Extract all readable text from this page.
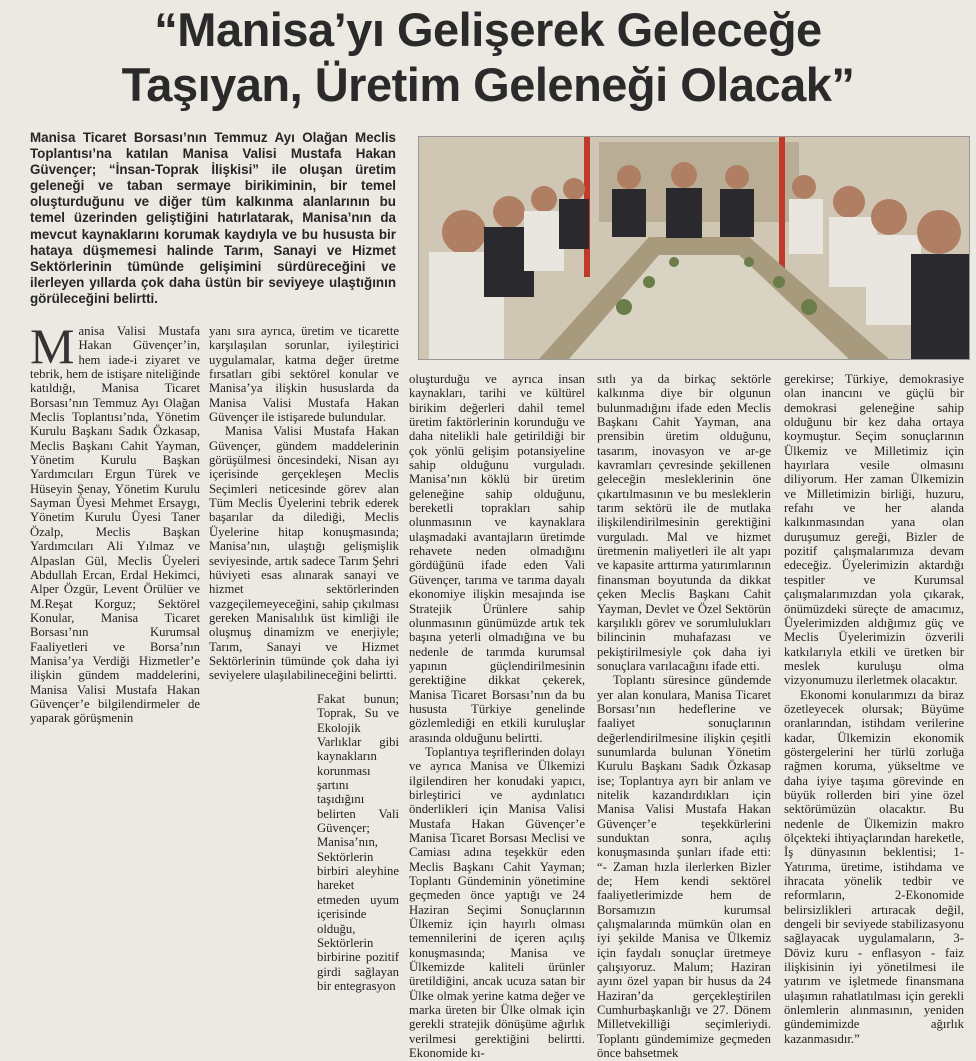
“Manisa’yı Gelişerek Geleceğe
Taşıyan, Üretim Geleneği Olacak”
Manisa Ticaret Borsası’nın Temmuz Ayı Olağan Meclis Toplantısı’na katılan Manisa Valisi Mustafa Hakan Güvençer; “İnsan-Toprak İlişkisi” ile oluşan üretim geleneği ve taban sermaye birikiminin, bir temel oluşturduğunu ve diğer tüm kalkınma alanlarının bu temel üzerinden geliştiğini hatırlatarak, Manisa’nın da mevcut kaynaklarını korumak kaydıyla ve bu hususta bir hataya düşmemesi halinde Tarım, Sanayi ve Hizmet Sektörlerinin tümünde gelişimini sürdüreceğini ve ilerleyen yıllarda çok daha üstün bir seviyeye ulaştığının görüleceğini belirtti.

Manisa Valisi Mustafa Hakan Güvençer’in, hem iade-i ziyaret ve tebrik, hem de istişare niteliğinde katıldığı, Manisa Ticaret Borsası’nın Temmuz Ayı Olağan Meclis Toplantısı’nda, Yönetim Kurulu Başkanı Sadık Özkasap, Meclis Başkanı Cahit Yayman, Yönetim Kurulu Başkan Yardımcıları Ergun Türek ve Hüseyin Şenay, Yönetim Kurulu Sayman Üyesi Mehmet Ersaygı, Yönetim Kurulu Üyesi Taner Özalp, Meclis Başkan Yardımcıları Ali Yılmaz ve Alpaslan Gül, Meclis Üyeleri Abdullah Ercan, Erdal Hekimci, Alper Özgür, Levent Örülüer ve M.Reşat Korguz; Sektörel Konular, Manisa Ticaret Borsası’nın Kurumsal Faaliyetleri ve Borsa’nın Manisa’ya Verdiği Hizmetler’e ilişkin gündem maddelerini, Manisa Valisi Mustafa Hakan Güvençer’e bilgilendirmeler de yaparak görüşmenin

yanı sıra ayrıca, üretim ve ticarette karşılaşılan sorunlar, iyileştirici uygulamalar, katma değer üretme fırsatları gibi sektörel konular ve Manisa’ya ilişkin hususlarda da Manisa Valisi Mustafa Hakan Güvençer ile istişarede bulundular.

Manisa Valisi Mustafa Hakan Güvençer, gündem maddelerinin görüşülmesi öncesindeki, Nisan ayı içerisinde gerçekleşen Meclis Seçimleri neticesinde görev alan Tüm Meclis Üyelerini tebrik ederek başarılar da dilediği, Meclis Üyelerine hitap konuşmasında; Manisa’nın, ulaştığı gelişmişlik seviyesinde, artık sadece Tarım Şehri hüviyeti esas alınarak sanayi ve hizmet sektörlerinden vazgeçilemeyeceğini, sahip çıkılması gereken Manisalılık üst kimliği ile oluşmuş dinamizm ve enerjiyle; Tarım, Sanayi ve Hizmet Sektörlerinin tümünde çok daha iyi seviyelere ulaşılabilineceğini belirtti.

Fakat bunun; Toprak, Su ve Ekolojik Varlıklar gibi kaynakların korunması şartını taşıdığını belirten Vali Güvençer; Manisa’nın, Sektörlerin birbiri aleyhine hareket etmeden uyum içerisinde olduğu, Sektörlerin birbirine pozitif girdi sağlayan bir entegrasyon

oluşturduğu ve ayrıca insan kaynakları, tarihi ve kültürel birikim değerleri dahil temel üretim faktörlerinin korunduğu ve daha nitelikli hale getirildiği bir çok yönlü gelişim potansiyeline sahip olduğunu vurguladı. Manisa’nın köklü bir üretim geleneğine sahip olduğunu, bereketli toprakları sahip olunmasının ve kaynaklara ulaşmadaki avantajların üretimde rehavete neden olmadığını gördüğünü ifade eden Vali Güvençer, tarıma ve tarıma dayalı ekonomiye ilişkin mesajında ise Stratejik Ürünlere sahip olunmasının günümüzde artık tek başına yeterli olmadığına ve bu nedenle de tarımda kurumsal yapının güçlendirilmesinin gerektiğine dikkat çekerek, Manisa Ticaret Borsası’nın da bu hususta Türkiye genelinde gözlemlediği en etkili kuruluşlar arasında olduğunu belirtti.

Toplantıya teşriflerinden dolayı ve ayrıca Manisa ve Ülkemizi ilgilendiren her konudaki yapıcı, birleştirici ve aydınlatıcı önderlikleri için Manisa Valisi Mustafa Hakan Güvençer’e Manisa Ticaret Borsası Meclisi ve Camiası adına teşekkür eden Meclis Başkanı Cahit Yayman; Toplantı Gündeminin yönetimine geçmeden önce yaptığı ve 24 Haziran Seçimi Sonuçlarının Ülkemiz için hayırlı olması temennilerini de içeren açılış konuşmasında; Manisa ve Ülkemizde kaliteli ürünler üretildiğini, ancak ucuza satan bir Ülke olmak yerine katma değer ve marka üreten bir Ülke olmak için gerekli stratejik dönüşüme ağırlık verilmesi gerektiğini belirtti. Ekonomide kı-

sıtlı ya da birkaç sektörle kalkınma diye bir olgunun bulunmadığını ifade eden Meclis Başkanı Cahit Yayman, ana prensibin üretim olduğunu, tasarım, inovasyon ve ar-ge kavramları çevresinde şekillenen geleceğin mesleklerinin öne çıkartılmasının ve bu mesleklerin tarım sektörü ile de mutlaka ilişkilendirilmesinin gerektiğini vurguladı. Mal ve hizmet üretmenin maliyetleri ile alt yapı ve kapasite arttırma yatırımlarının finansman boyutunda da dikkat çeken Meclis Başkanı Cahit Yayman, Devlet ve Özel Sektörün karşılıklı görev ve sorumlulukları bilincinin muhafazası ve pekiştirilmesiyle çok daha iyi sonuçlara varılacağını ifade etti.

Toplantı süresince gündemde yer alan konulara, Manisa Ticaret Borsası’nın hedeflerine ve faaliyet sonuçlarının değerlendirilmesine ilişkin çeşitli sunumlarda bulunan Yönetim Kurulu Başkanı Sadık Özkasap ise; Toplantıya ayrı bir anlam ve nitelik kazandırdıkları için Manisa Valisi Mustafa Hakan Güvençer’e teşekkürlerini sunduktan sonra, açılış konuşmasında şunları ifade etti: “- Zaman hızla ilerlerken Bizler de; Hem kendi sektörel faaliyetlerimizde hem de Borsamızın kurumsal çalışmalarında mümkün olan en iyi şekilde Manisa ve Ülkemiz için faydalı sonuçlar üretmeye çalışıyoruz. Malum; Haziran ayını özel yapan bir husus da 24 Haziran’da gerçekleştirilen Cumhurbaşkanlığı ve 27. Dönem Milletvekilliği seçimleriydi. Toplantı gündemimize geçmeden önce bahsetmek

gerekirse; Türkiye, demokrasiye olan inancını ve güçlü bir demokrasi geleneğine sahip olduğunu bir kez daha ortaya koymuştur. Seçim sonuçlarının Ülkemiz ve Milletimiz için hayırlara vesile olmasını diliyorum. Her zaman Ülkemizin ve Milletimizin birliği, huzuru, refahı ve her alanda kalkınmasından yana olan duruşumuz gereği, Bizler de pozitif çalışmalarımıza devam edeceğiz. Üyelerimizin aktardığı tespitler ve Kurumsal çalışmalarımızdan yola çıkarak, önümüzdeki süreçte de amacımız, Üyelerimizden aldığımız güç ve Meclis Üyelerimizin özverili katkılarıyla etkili ve üretken bir meslek kuruluşu olma vizyonumuzu ilerletmek olacaktır.

Ekonomi konularımızı da biraz özetleyecek olursak; Büyüme oranlarından, istihdam verilerine kadar, Ülkemizin ekonomik göstergelerini her türlü zorluğa rağmen koruma, yükseltme ve daha iyiye taşıma görevinde en büyük rollerden biri yine özel sektörümüzün olacaktır. Bu nedenle de Ülkemizin makro ölçekteki ihtiyaçlarından hareketle, İş dünyasının beklentisi; 1-Yatırıma, üretime, istihdama ve ihracata yönelik tedbir ve reformların, 2-Ekonomide belirsizlikleri artıracak değil, dengeli bir seviyede stabilizasyonu sağlayacak uygulamaların, 3-Döviz kuru - enflasyon - faiz ilişkisinin iyi yönetilmesi ile yatırım ve işletmede finansmana ulaşımın rahatlatılması için gerekli önlemlerin alınmasının, yeniden gündemimizde ağırlık kazanmasıdır.”
